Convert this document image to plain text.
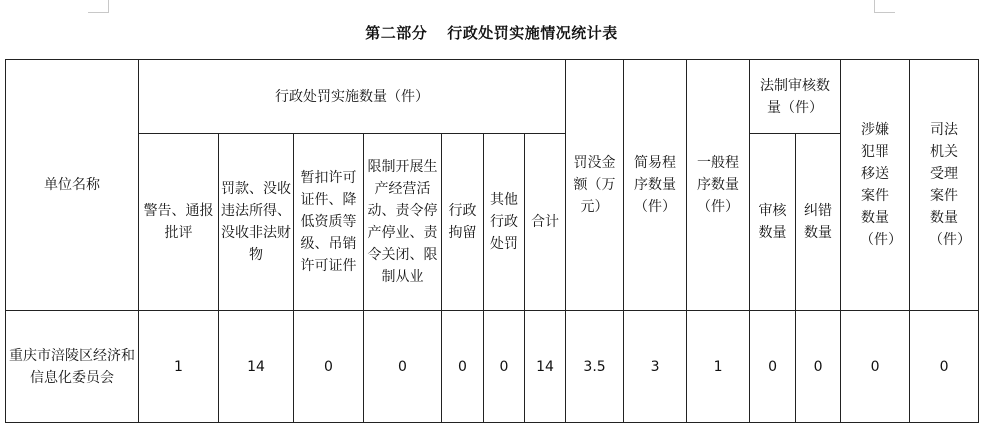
第二部分 行政处罚实施情况统计表
单位名称	行政处罚实施数量（件）							罚没金额（万元）	简易程序数量（件）	一般程序数量（件）	法制审核数量（件）		涉嫌犯罪移送案件数量（件）	司法机关受理案件数量（件）

	警告、通报批评	罚款、没收违法所得、没收非法财物	暂扣许可证件、降低资质等级、吊销许可证件	限制开展生产经营活动、责令停产停业、责令关闭、限制从业	行政拘留	其他行政处罚	合计				审核数量	纠错数量		

重庆市涪陵区经济和信息化委员会	1	14	0	0	0	0	14	3.5	3	1	0	0	0	0
